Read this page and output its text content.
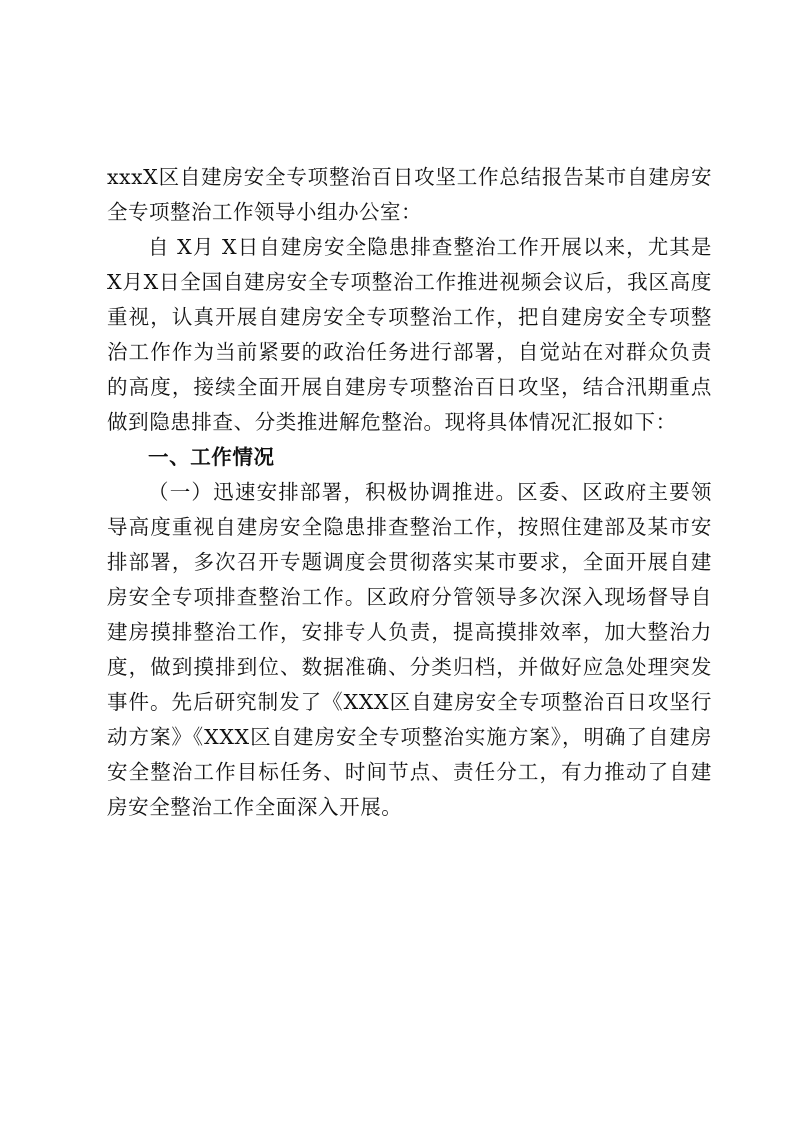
xxxX区自建房安全专项整治百日攻坚工作总结报告某市自建房安全专项整治工作领导小组办公室：

自 X月 X日自建房安全隐患排查整治工作开展以来，尤其是X月X日全国自建房安全专项整治工作推进视频会议后，我区高度重视，认真开展自建房安全专项整治工作，把自建房安全专项整治工作作为当前紧要的政治任务进行部署，自觉站在对群众负责的高度，接续全面开展自建房专项整治百日攻坚，结合汛期重点做到隐患排查、分类推进解危整治。现将具体情况汇报如下：

一、工作情况

（一）迅速安排部署，积极协调推进。区委、区政府主要领导高度重视自建房安全隐患排查整治工作，按照住建部及某市安排部署，多次召开专题调度会贯彻落实某市要求，全面开展自建房安全专项排查整治工作。区政府分管领导多次深入现场督导自建房摸排整治工作，安排专人负责，提高摸排效率，加大整治力度，做到摸排到位、数据准确、分类归档，并做好应急处理突发事件。先后研究制发了《XXX区自建房安全专项整治百日攻坚行动方案》《XXX区自建房安全专项整治实施方案》，明确了自建房安全整治工作目标任务、时间节点、责任分工，有力推动了自建房安全整治工作全面深入开展。
